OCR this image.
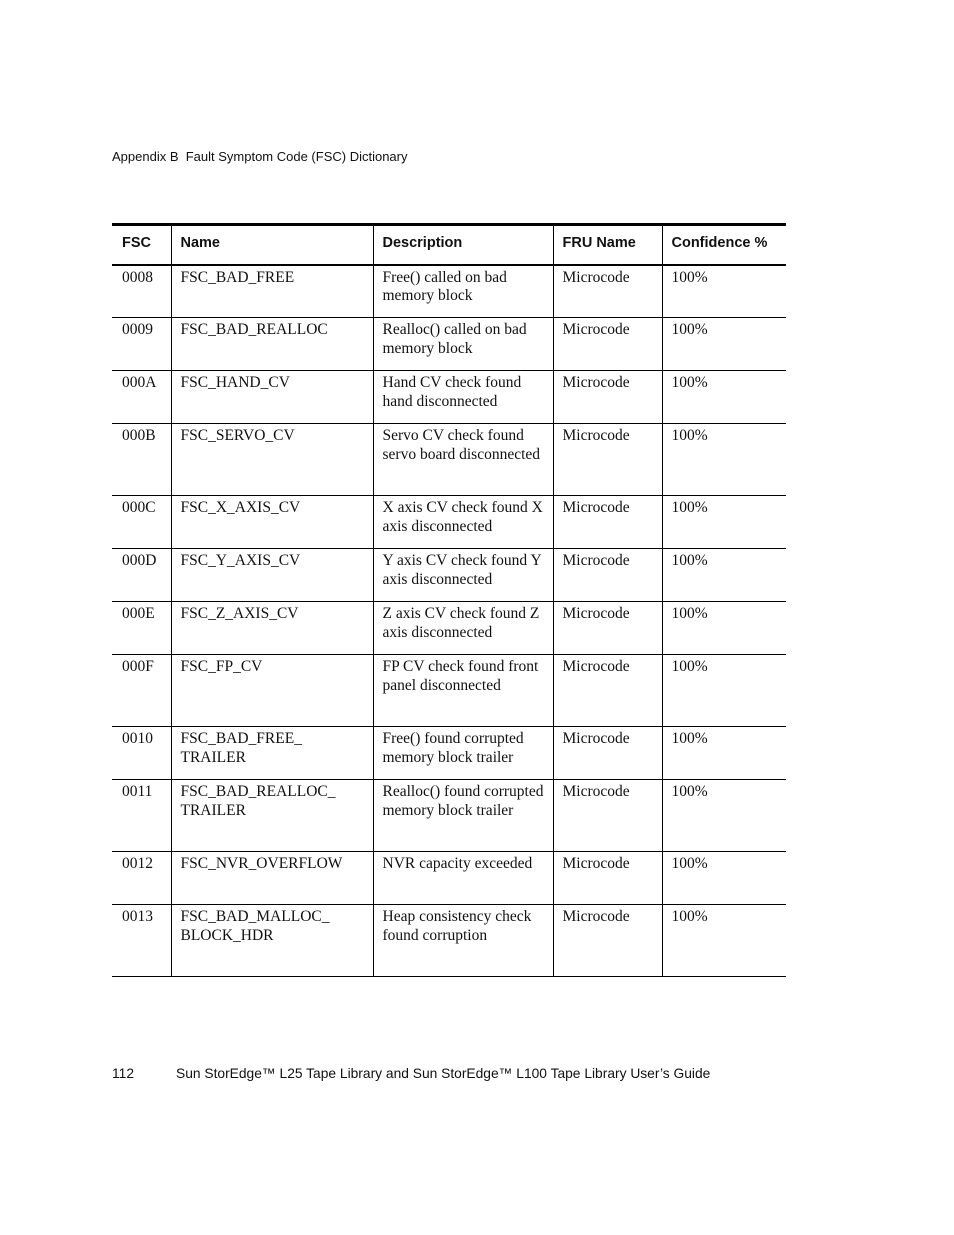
Appendix B  Fault Symptom Code (FSC) Dictionary
FSC	Name	Description	FRU Name	Confidence %
0008	FSC_BAD_FREE	Free() called on bad memory block	Microcode	100%
0009	FSC_BAD_REALLOC	Realloc() called on bad memory block	Microcode	100%
000A	FSC_HAND_CV	Hand CV check found hand disconnected	Microcode	100%
000B	FSC_SERVO_CV	Servo CV check found servo board disconnected	Microcode	100%
000C	FSC_X_AXIS_CV	X axis CV check found X axis disconnected	Microcode	100%
000D	FSC_Y_AXIS_CV	Y axis CV check found Y axis disconnected	Microcode	100%
000E	FSC_Z_AXIS_CV	Z axis CV check found Z axis disconnected	Microcode	100%
000F	FSC_FP_CV	FP CV check found front panel disconnected	Microcode	100%
0010	FSC_BAD_FREE_ TRAILER	Free() found corrupted memory block trailer	Microcode	100%
0011	FSC_BAD_REALLOC_ TRAILER	Realloc() found corrupted memory block trailer	Microcode	100%
0012	FSC_NVR_OVERFLOW	NVR capacity exceeded	Microcode	100%
0013	FSC_BAD_MALLOC_ BLOCK_HDR	Heap consistency check found corruption	Microcode	100%
112	Sun StorEdge™ L25 Tape Library and Sun StorEdge™ L100 Tape Library User’s Guide
